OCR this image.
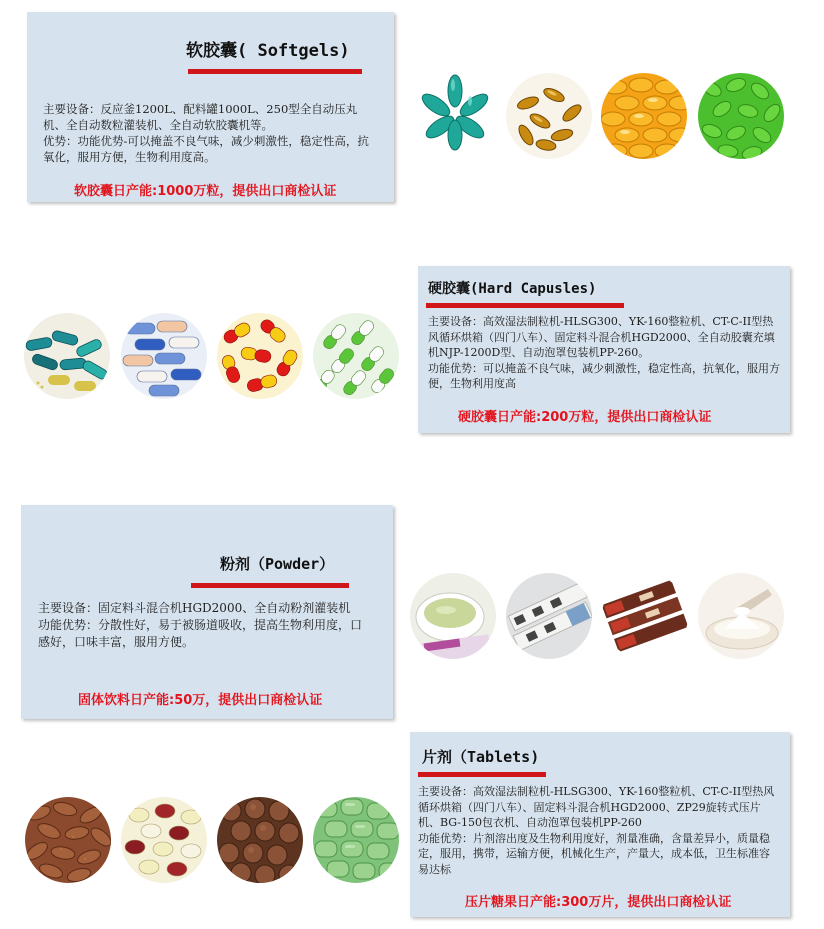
软胶囊( Softgels)

主要设备：反应釜1200L、配料罐1000L、250型全自动压丸机、全自动数粒灌装机、全自动软胶囊机等。

优势：功能优势-可以掩盖不良气味，减少刺激性，稳定性高，抗氧化，服用方便，生物利用度高。

软胶囊日产能:1000万粒，提供出口商检认证
硬胶囊(Hard Capusles)

主要设备：高效湿法制粒机-HLSG300、YK-160整粒机、CT-C-II型热风循环烘箱（四门八车）、固定料斗混合机HGD2000、全自动胶囊充填机NJP-1200D型、自动泡罩包装机PP-260。

功能优势：可以掩盖不良气味，减少刺激性，稳定性高，抗氧化，服用方便，生物利用度高

硬胶囊日产能:200万粒，提供出口商检认证
粉剂（Powder）

主要设备：固定料斗混合机HGD2000、全自动粉剂灌装机

功能优势：分散性好，易于被肠道吸收，提高生物利用度，口感好，口味丰富，服用方便。

固体饮料日产能:50万，提供出口商检认证
片剂（Tablets)

主要设备：高效湿法制粒机-HLSG300、YK-160整粒机、CT-C-II型热风循环烘箱（四门八车）、固定料斗混合机HGD2000、ZP29旋转式压片机、BG-150包衣机、自动泡罩包装机PP-260

功能优势：片剂溶出度及生物利用度好，剂量准确，含量差异小，质量稳定，服用，携带，运输方便，机械化生产，产量大，成本低，卫生标准容易达标

压片糖果日产能:300万片，提供出口商检认证
